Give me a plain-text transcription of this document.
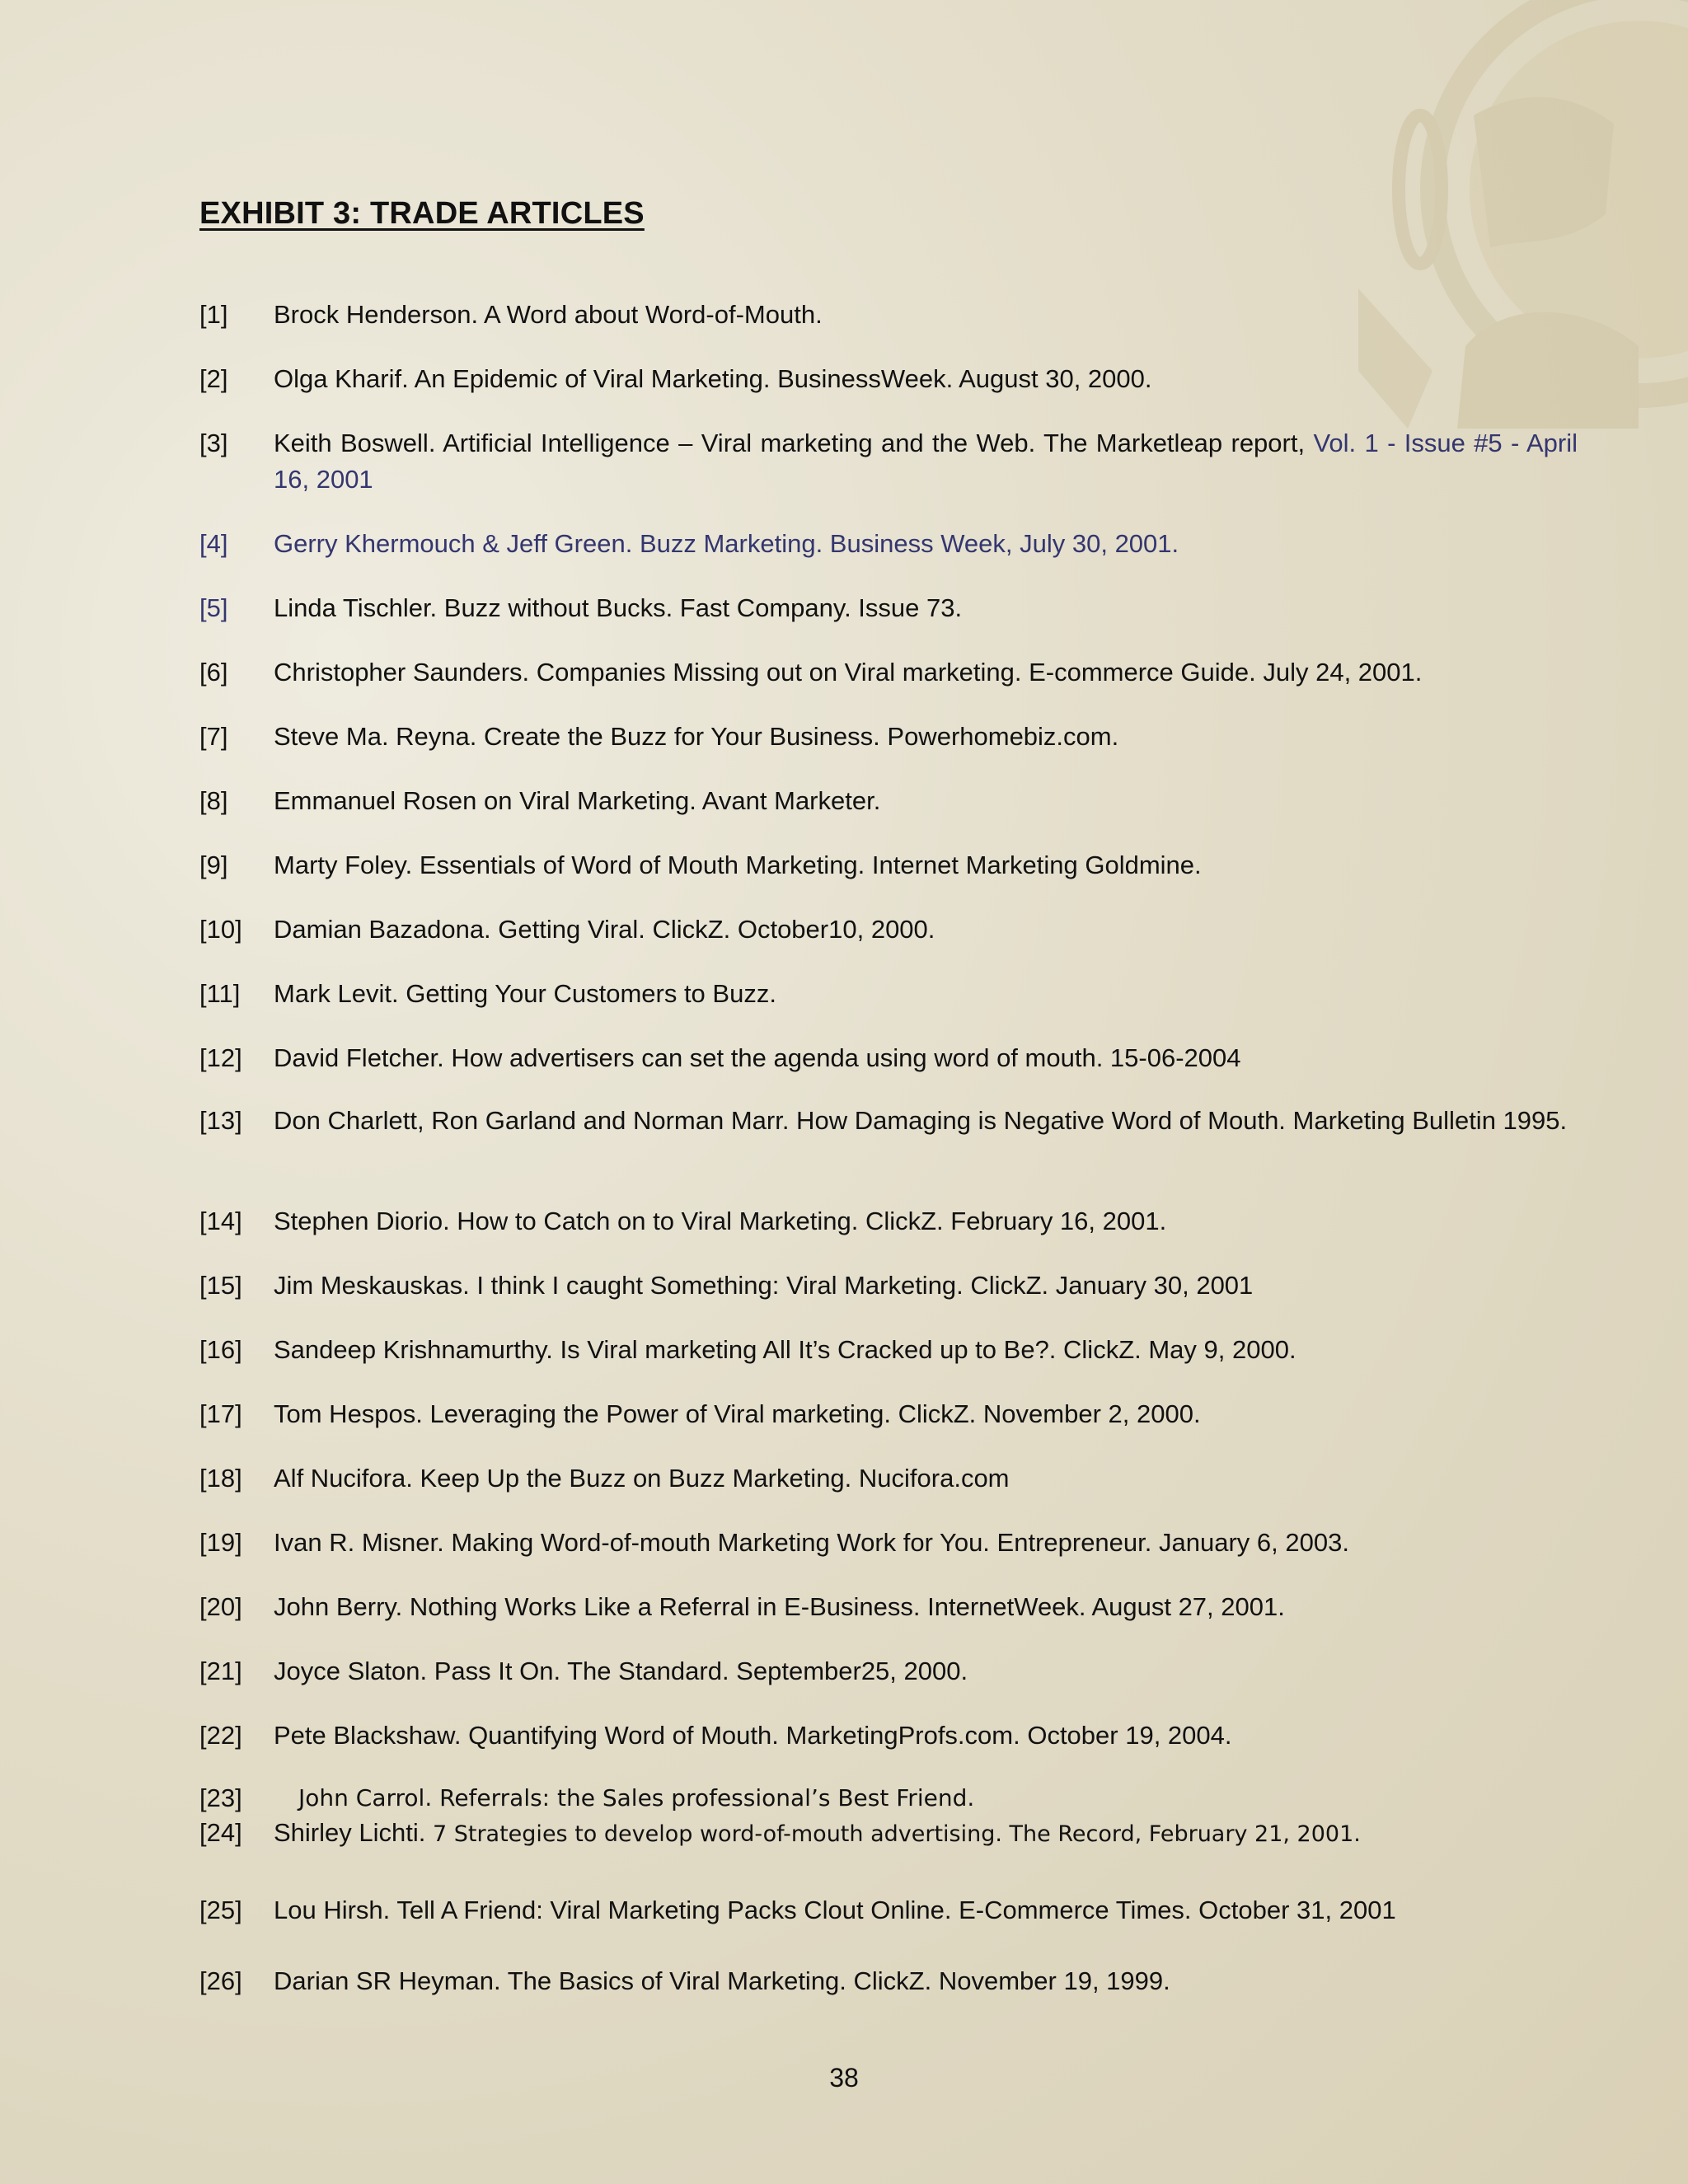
EXHIBIT 3: TRADE ARTICLES
[1] Brock Henderson. A Word about Word-of-Mouth.
[2] Olga Kharif. An Epidemic of Viral Marketing. BusinessWeek. August 30, 2000.
[3] Keith Boswell. Artificial Intelligence – Viral marketing and the Web. The Marketleap report, Vol. 1 - Issue #5 - April 16, 2001
[4] Gerry Khermouch & Jeff Green. Buzz Marketing. Business Week, July 30, 2001.
[5] Linda Tischler. Buzz without Bucks. Fast Company. Issue 73.
[6] Christopher Saunders. Companies Missing out on Viral marketing. E-commerce Guide. July 24, 2001.
[7] Steve Ma. Reyna. Create the Buzz for Your Business. Powerhomebiz.com.
[8] Emmanuel Rosen on Viral Marketing. Avant Marketer.
[9] Marty Foley. Essentials of Word of Mouth Marketing. Internet Marketing Goldmine.
[10] Damian Bazadona. Getting Viral. ClickZ. October10, 2000.
[11] Mark Levit. Getting Your Customers to Buzz.
[12] David Fletcher. How advertisers can set the agenda using word of mouth. 15-06-2004
[13] Don Charlett, Ron Garland and Norman Marr. How Damaging is Negative Word of Mouth. Marketing Bulletin 1995.
[14] Stephen Diorio. How to Catch on to Viral Marketing. ClickZ. February 16, 2001.
[15] Jim Meskauskas. I think I caught Something: Viral Marketing. ClickZ. January 30, 2001
[16] Sandeep Krishnamurthy. Is Viral marketing All It’s Cracked up to Be?. ClickZ. May 9, 2000.
[17] Tom Hespos. Leveraging the Power of Viral marketing. ClickZ. November 2, 2000.
[18] Alf Nucifora. Keep Up the Buzz on Buzz Marketing. Nucifora.com
[19] Ivan R. Misner. Making Word-of-mouth Marketing Work for You. Entrepreneur. January 6, 2003.
[20] John Berry. Nothing Works Like a Referral in E-Business. InternetWeek. August 27, 2001.
[21] Joyce Slaton. Pass It On. The Standard. September25, 2000.
[22] Pete Blackshaw. Quantifying Word of Mouth. MarketingProfs.com. October 19, 2004.
[23] John Carrol. Referrals: the Sales professional’s Best Friend.
[24] Shirley Lichti. 7 Strategies to develop word-of-mouth advertising. The Record, February 21, 2001.
[25] Lou Hirsh. Tell A Friend: Viral Marketing Packs Clout Online. E-Commerce Times. October 31, 2001
[26] Darian SR Heyman. The Basics of Viral Marketing. ClickZ. November 19, 1999.
38
